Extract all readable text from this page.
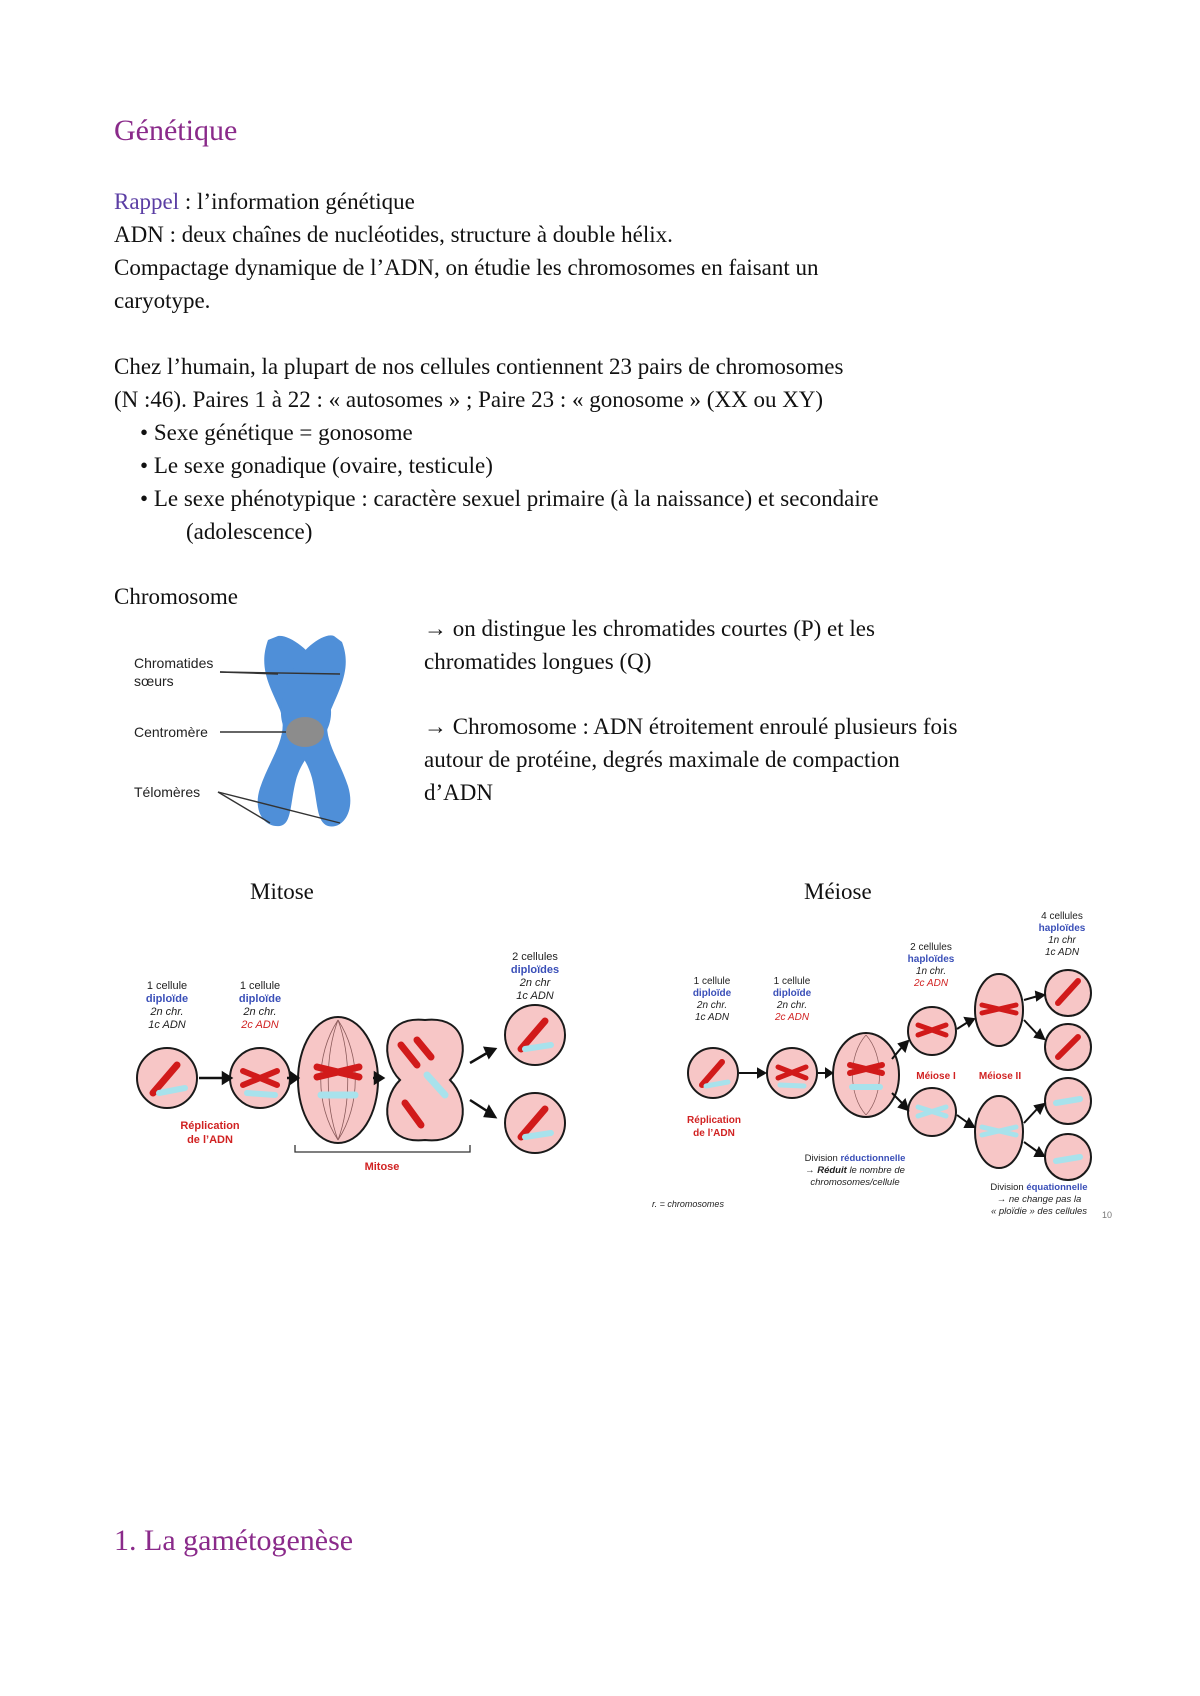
Génétique
Rappel : l’information génétique
ADN : deux chaînes de nucléotides, structure à double hélix.
Compactage dynamique de l’ADN, on étudie les chromosomes en faisant un
caryotype.
Chez l’humain, la plupart de nos cellules contiennent 23 pairs de chromosomes
(N :46). Paires 1 à 22 : « autosomes » ; Paire 23 : « gonosome » (XX ou XY)
• Sexe génétique = gonosome
• Le sexe gonadique (ovaire, testicule)
• Le sexe phénotypique : caractère sexuel primaire (à la naissance) et secondaire
(adolescence)
Chromosome
Chromatides
sœurs
Centromère
Télomères
→ on distingue les chromatides courtes (P) et les
chromatides longues (Q)
→ Chromosome : ADN étroitement enroulé plusieurs fois
autour de protéine, degrés maximale de compaction
d’ADN
Mitose	Méiose
1 cellule
diploïde
2n chr.
1c ADN
1 cellule
diploïde
2n chr.
2c ADN
2 cellules
diploïdes
2n chr
1c ADN
Mitose
Réplication
de l’ADN
1 cellule
diploïde
2n chr.
1c ADN
1 cellule
diploïde
2n chr.
2c ADN
2 cellules
haploïdes
1n chr.
2c ADN
4 cellules
haploïdes
1n chr
1c ADN
Méiose I Méiose II
Réplication
de l’ADN
Division réductionnelle
→ Réduit le nombre de
chromosomes/cellule	Division équationnelle
→ ne change pas la
« ploïdie » des cellules
r. = chromosomes
10
1. La gamétogenèse
